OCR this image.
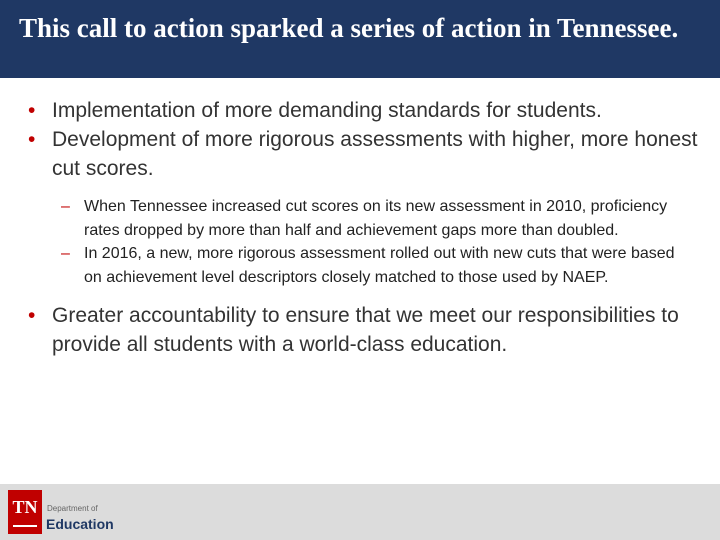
This call to action sparked a series of action in Tennessee.
• Implementation of more demanding standards for students.
• Development of more rigorous assessments with higher, more honest cut scores.
– When Tennessee increased cut scores on its new assessment in 2010, proficiency rates dropped by more than half and achievement gaps more than doubled.
– In 2016, a new, more rigorous assessment rolled out with new cuts that were based on achievement level descriptors closely matched to those used by NAEP.
• Greater accountability to ensure that we meet our responsibilities to provide all students with a world-class education.
TN	Department of
Education
